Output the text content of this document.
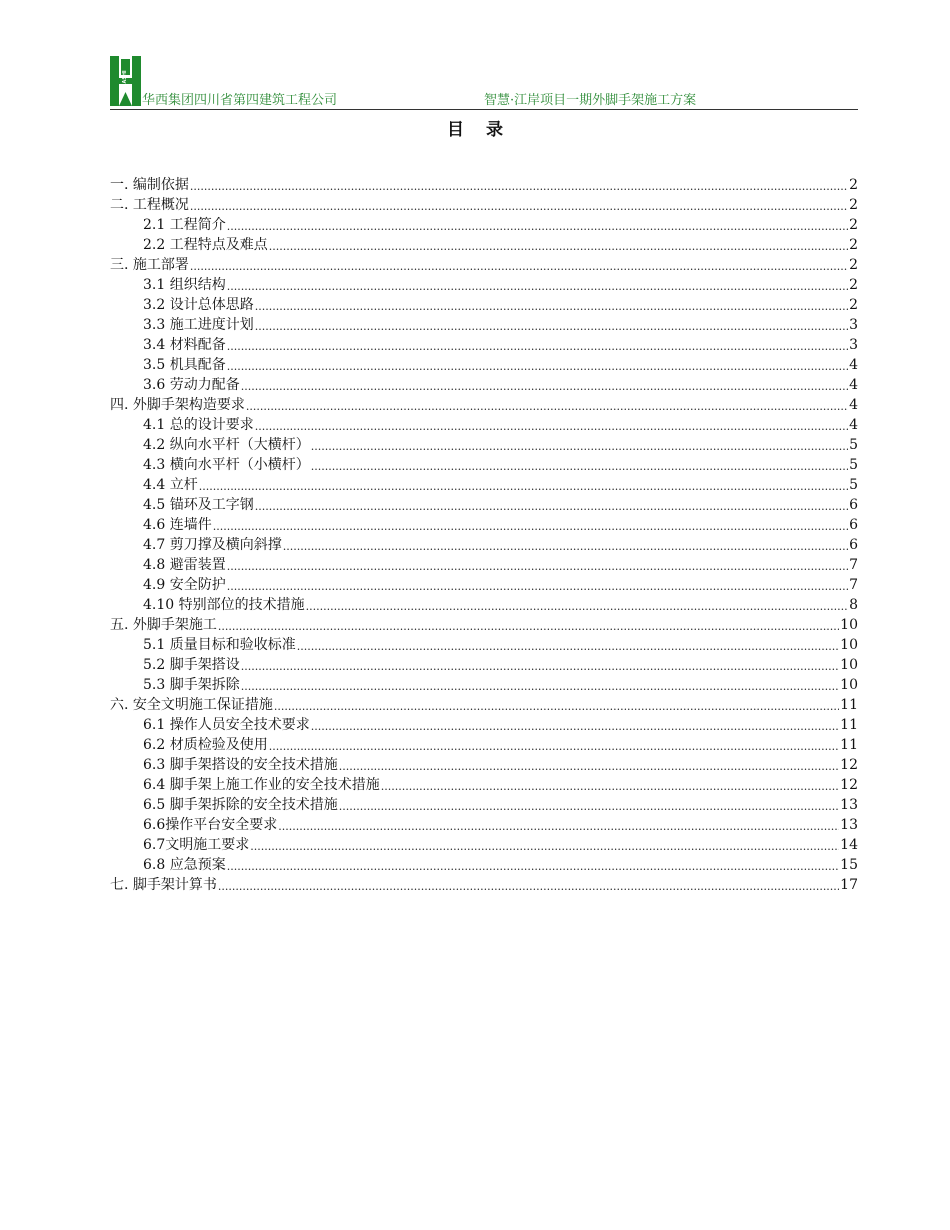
HUASHI
华西集团四川省第四建筑工程公司	智慧·江岸项目一期外脚手架施工方案
目录
一. 编制依据 .....	2
二. 工程概况 .....	2
2.1 工程简介 .....	2
2.2 工程特点及难点 .....	2
三. 施工部署 .....	2
3.1 组织结构 .....	2
3.2 设计总体思路 .....	2
3.3 施工进度计划 .....	3
3.4 材料配备 .....	3
3.5 机具配备 .....	4
3.6 劳动力配备 .....	4
四. 外脚手架构造要求 .....	4
4.1 总的设计要求 .....	4
4.2 纵向水平杆（大横杆） .....	5
4.3 横向水平杆（小横杆） .....	5
4.4 立杆 .....	5
4.5 锚环及工字钢 .....	6
4.6 连墙件 .....	6
4.7 剪刀撑及横向斜撑 .....	6
4.8 避雷装置 .....	7
4.9 安全防护 .....	7
4.10 特别部位的技术措施 .....	8
五. 外脚手架施工 .....	10
5.1 质量目标和验收标准 .....	10
5.2 脚手架搭设 .....	10
5.3 脚手架拆除 .....	10
六. 安全文明施工保证措施 .....	11
6.1 操作人员安全技术要求 .....	11
6.2 材质检验及使用 .....	11
6.3 脚手架搭设的安全技术措施 .....	12
6.4 脚手架上施工作业的安全技术措施 .....	12
6.5 脚手架拆除的安全技术措施 .....	13
6.6操作平台安全要求 .....	13
6.7文明施工要求 .....	14
6.8 应急预案 .....	15
七. 脚手架计算书 .....	17
